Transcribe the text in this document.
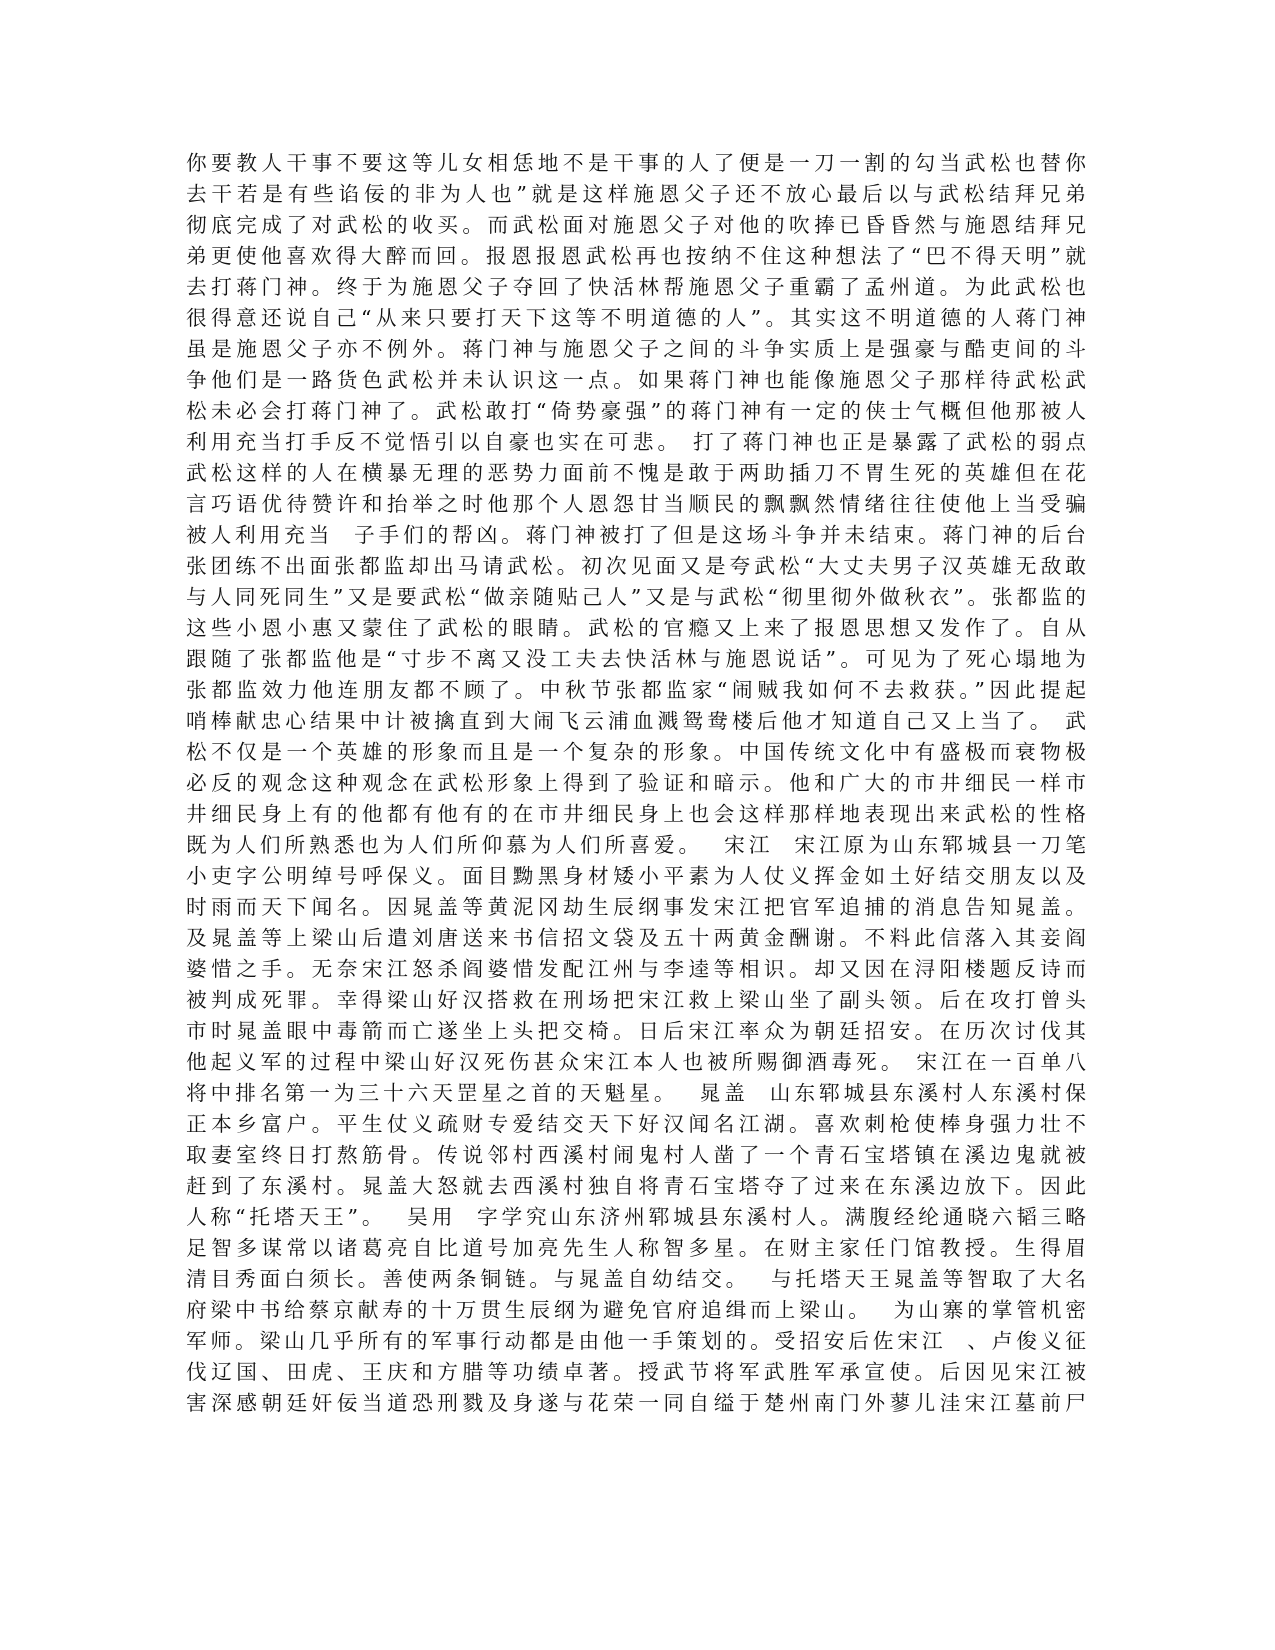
你要教人干事不要这等儿女相恁地不是干事的人了便是一刀一割的勾当武松也替你
去干若是有些谄佞的非为人也”就是这样施恩父子还不放心最后以与武松结拜兄弟
彻底完成了对武松的收买。而武松面对施恩父子对他的吹捧已昏昏然与施恩结拜兄
弟更使他喜欢得大醉而回。报恩报恩武松再也按纳不住这种想法了“巴不得天明”就
去打蒋门神。终于为施恩父子夺回了快活林帮施恩父子重霸了孟州道。为此武松也
很得意还说自己“从来只要打天下这等不明道德的人”。其实这不明道德的人蒋门神
虽是施恩父子亦不例外。蒋门神与施恩父子之间的斗争实质上是强豪与酷吏间的斗
争他们是一路货色武松并未认识这一点。如果蒋门神也能像施恩父子那样待武松武
松未必会打蒋门神了。武松敢打“倚势豪强”的蒋门神有一定的侠士气概但他那被人
利用充当打手反不觉悟引以自豪也实在可悲。 打了蒋门神也正是暴露了武松的弱点
武松这样的人在横暴无理的恶势力面前不愧是敢于两助插刀不胃生死的英雄但在花
言巧语优待赞许和抬举之时他那个人恩怨甘当顺民的飘飘然情绪往往使他上当受骗
被人利用充当  子手们的帮凶。蒋门神被打了但是这场斗争并未结束。蒋门神的后台
张团练不出面张都监却出马请武松。初次见面又是夸武松“大丈夫男子汉英雄无敌敢
与人同死同生”又是要武松“做亲随贴己人”又是与武松“彻里彻外做秋衣”。张都监的
这些小恩小惠又蒙住了武松的眼睛。武松的官瘾又上来了报恩思想又发作了。自从
跟随了张都监他是“寸步不离又没工夫去快活林与施恩说话”。可见为了死心塌地为
张都监效力他连朋友都不顾了。中秋节张都监家“闹贼我如何不去救获。”因此提起
哨棒献忠心结果中计被擒直到大闹飞云浦血溅鸳鸯楼后他才知道自己又上当了。 武
松不仅是一个英雄的形象而且是一个复杂的形象。中国传统文化中有盛极而衰物极
必反的观念这种观念在武松形象上得到了验证和暗示。他和广大的市井细民一样市
井细民身上有的他都有他有的在市井细民身上也会这样那样地表现出来武松的性格
既为人们所熟悉也为人们所仰慕为人们所喜爱。  宋江  宋江原为山东郓城县一刀笔
小吏字公明绰号呼保义。面目黝黑身材矮小平素为人仗义挥金如土好结交朋友以及
时雨而天下闻名。因晁盖等黄泥冈劫生辰纲事发宋江把官军追捕的消息告知晁盖。
及晁盖等上梁山后遣刘唐送来书信招文袋及五十两黄金酬谢。不料此信落入其妾阎
婆惜之手。无奈宋江怒杀阎婆惜发配江州与李逵等相识。却又因在浔阳楼题反诗而
被判成死罪。幸得梁山好汉搭救在刑场把宋江救上梁山坐了副头领。后在攻打曾头
市时晁盖眼中毒箭而亡遂坐上头把交椅。日后宋江率众为朝廷招安。在历次讨伐其
他起义军的过程中梁山好汉死伤甚众宋江本人也被所赐御酒毒死。 宋江在一百单八
将中排名第一为三十六天罡星之首的天魁星。  晁盖  山东郓城县东溪村人东溪村保
正本乡富户。平生仗义疏财专爱结交天下好汉闻名江湖。喜欢刺枪使棒身强力壮不
取妻室终日打熬筋骨。传说邻村西溪村闹鬼村人凿了一个青石宝塔镇在溪边鬼就被
赶到了东溪村。晁盖大怒就去西溪村独自将青石宝塔夺了过来在东溪边放下。因此
人称“托塔天王”。  吴用  字学究山东济州郓城县东溪村人。满腹经纶通晓六韬三略
足智多谋常以诸葛亮自比道号加亮先生人称智多星。在财主家任门馆教授。生得眉
清目秀面白须长。善使两条铜链。与晁盖自幼结交。  与托塔天王晁盖等智取了大名
府梁中书给蔡京献寿的十万贯生辰纲为避免官府追缉而上梁山。  为山寨的掌管机密
军师。梁山几乎所有的军事行动都是由他一手策划的。受招安后佐宋江  、卢俊义征
伐辽国、田虎、王庆和方腊等功绩卓著。授武节将军武胜军承宣使。后因见宋江被
害深感朝廷奸佞当道恐刑戮及身遂与花荣一同自缢于楚州南门外蓼儿洼宋江墓前尸
